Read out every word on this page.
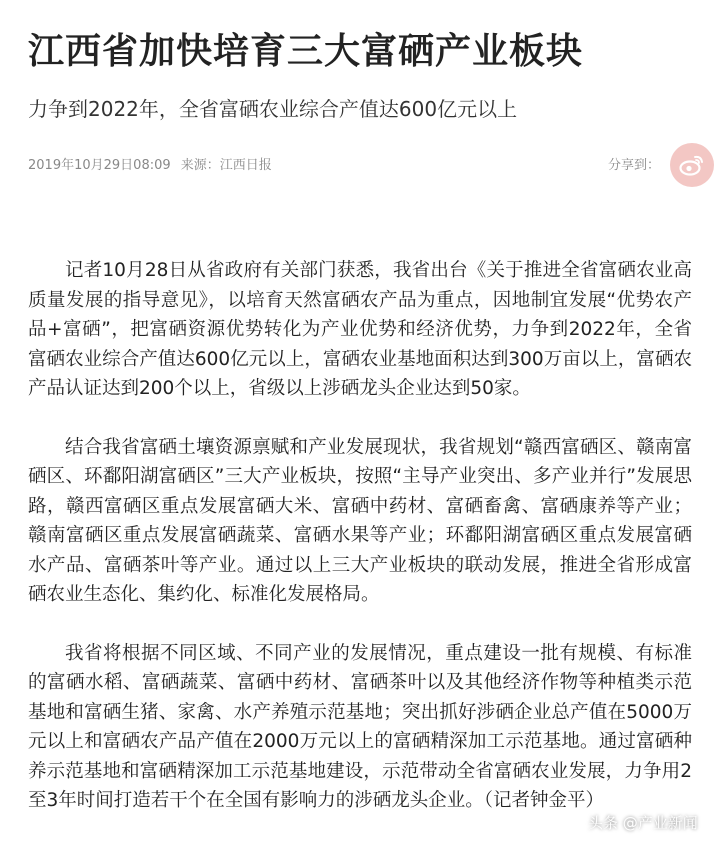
江西省加快培育三大富硒产业板块
力争到2022年，全省富硒农业综合产值达600亿元以上
2019年10月29日08:09 来源：江西日报	分享到：

记者10月28日从省政府有关部门获悉，我省出台《关于推进全省富硒农业高质量发展的指导意见》，以培育天然富硒农产品为重点，因地制宜发展“优势农产品+富硒”，把富硒资源优势转化为产业优势和经济优势，力争到2022年，全省富硒农业综合产值达600亿元以上，富硒农业基地面积达到300万亩以上，富硒农产品认证达到200个以上，省级以上涉硒龙头企业达到50家。

结合我省富硒土壤资源禀赋和产业发展现状，我省规划“赣西富硒区、赣南富硒区、环鄱阳湖富硒区”三大产业板块，按照“主导产业突出、多产业并行”发展思路，赣西富硒区重点发展富硒大米、富硒中药材、富硒畜禽、富硒康养等产业；赣南富硒区重点发展富硒蔬菜、富硒水果等产业；环鄱阳湖富硒区重点发展富硒水产品、富硒茶叶等产业。通过以上三大产业板块的联动发展，推进全省形成富硒农业生态化、集约化、标准化发展格局。

我省将根据不同区域、不同产业的发展情况，重点建设一批有规模、有标准的富硒水稻、富硒蔬菜、富硒中药材、富硒茶叶以及其他经济作物等种植类示范基地和富硒生猪、家禽、水产养殖示范基地；突出抓好涉硒企业总产值在5000万元以上和富硒农产品产值在2000万元以上的富硒精深加工示范基地。通过富硒种养示范基地和富硒精深加工示范基地建设，示范带动全省富硒农业发展，力争用2至3年时间打造若干个在全国有影响力的涉硒龙头企业。（记者钟金平）

头条 @产业新闻
